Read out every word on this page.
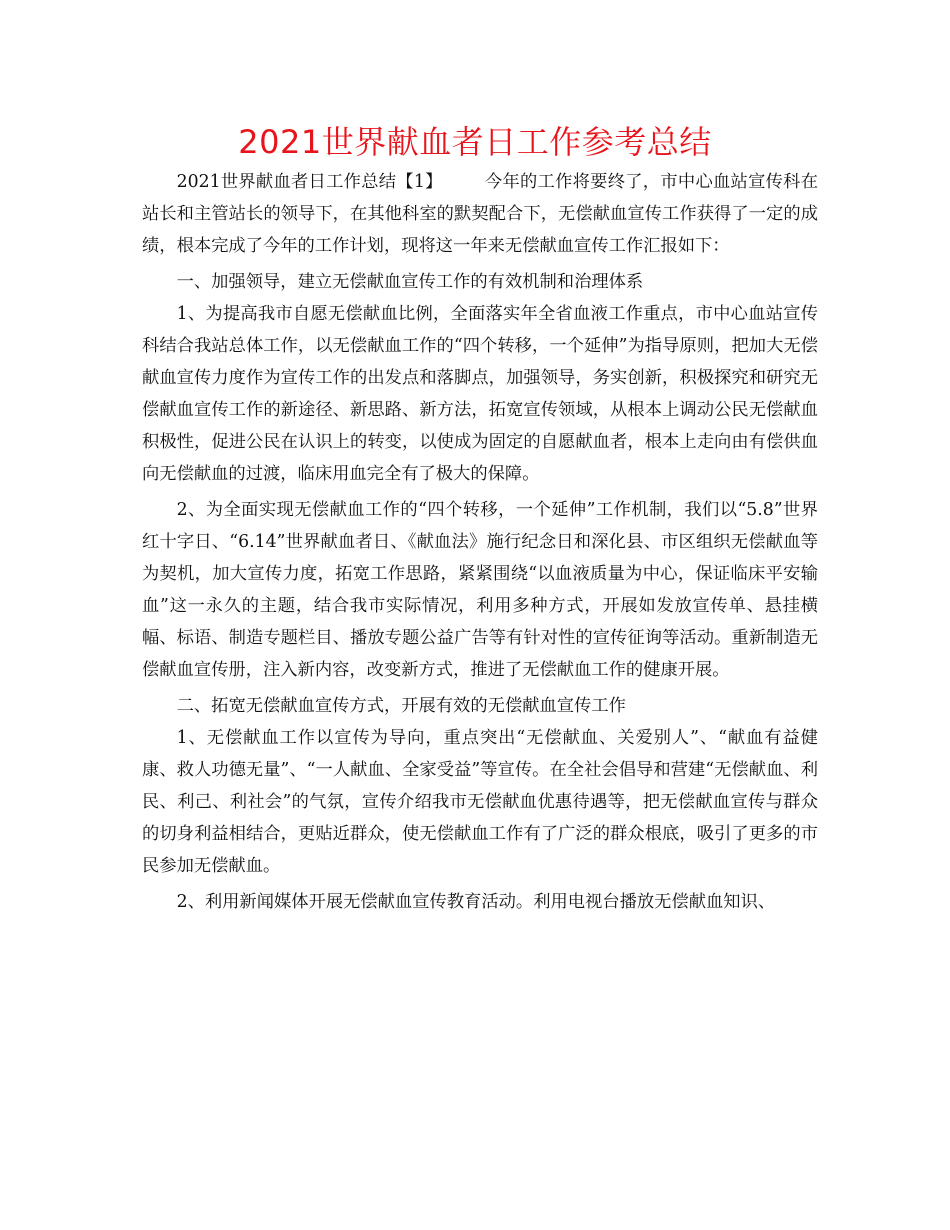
2021世界献血者日工作参考总结

2021世界献血者日工作总结【1】 今年的工作将要终了，市中心血站宣传科在站长和主管站长的领导下，在其他科室的默契配合下，无偿献血宣传工作获得了一定的成绩，根本完成了今年的工作计划，现将这一年来无偿献血宣传工作汇报如下：

一、加强领导，建立无偿献血宣传工作的有效机制和治理体系

1、为提高我市自愿无偿献血比例，全面落实年全省血液工作重点，市中心血站宣传科结合我站总体工作，以无偿献血工作的“四个转移，一个延伸”为指导原则，把加大无偿献血宣传力度作为宣传工作的出发点和落脚点，加强领导，务实创新，积极探究和研究无偿献血宣传工作的新途径、新思路、新方法，拓宽宣传领域，从根本上调动公民无偿献血积极性，促进公民在认识上的转变，以使成为固定的自愿献血者，根本上走向由有偿供血向无偿献血的过渡，临床用血完全有了极大的保障。

2、为全面实现无偿献血工作的“四个转移，一个延伸”工作机制，我们以“5.8”世界红十字日、“6.14”世界献血者日、《献血法》施行纪念日和深化县、市区组织无偿献血等为契机，加大宣传力度，拓宽工作思路，紧紧围绕“以血液质量为中心，保证临床平安输血”这一永久的主题，结合我市实际情况，利用多种方式，开展如发放宣传单、悬挂横幅、标语、制造专题栏目、播放专题公益广告等有针对性的宣传征询等活动。重新制造无偿献血宣传册，注入新内容，改变新方式，推进了无偿献血工作的健康开展。

二、拓宽无偿献血宣传方式，开展有效的无偿献血宣传工作

1、无偿献血工作以宣传为导向，重点突出“无偿献血、关爱别人”、“献血有益健康、救人功德无量”、“一人献血、全家受益”等宣传。在全社会倡导和营建“无偿献血、利民、利己、利社会”的气氛，宣传介绍我市无偿献血优惠待遇等，把无偿献血宣传与群众的切身利益相结合，更贴近群众，使无偿献血工作有了广泛的群众根底，吸引了更多的市民参加无偿献血。

2、利用新闻媒体开展无偿献血宣传教育活动。利用电视台播放无偿献血知识、
